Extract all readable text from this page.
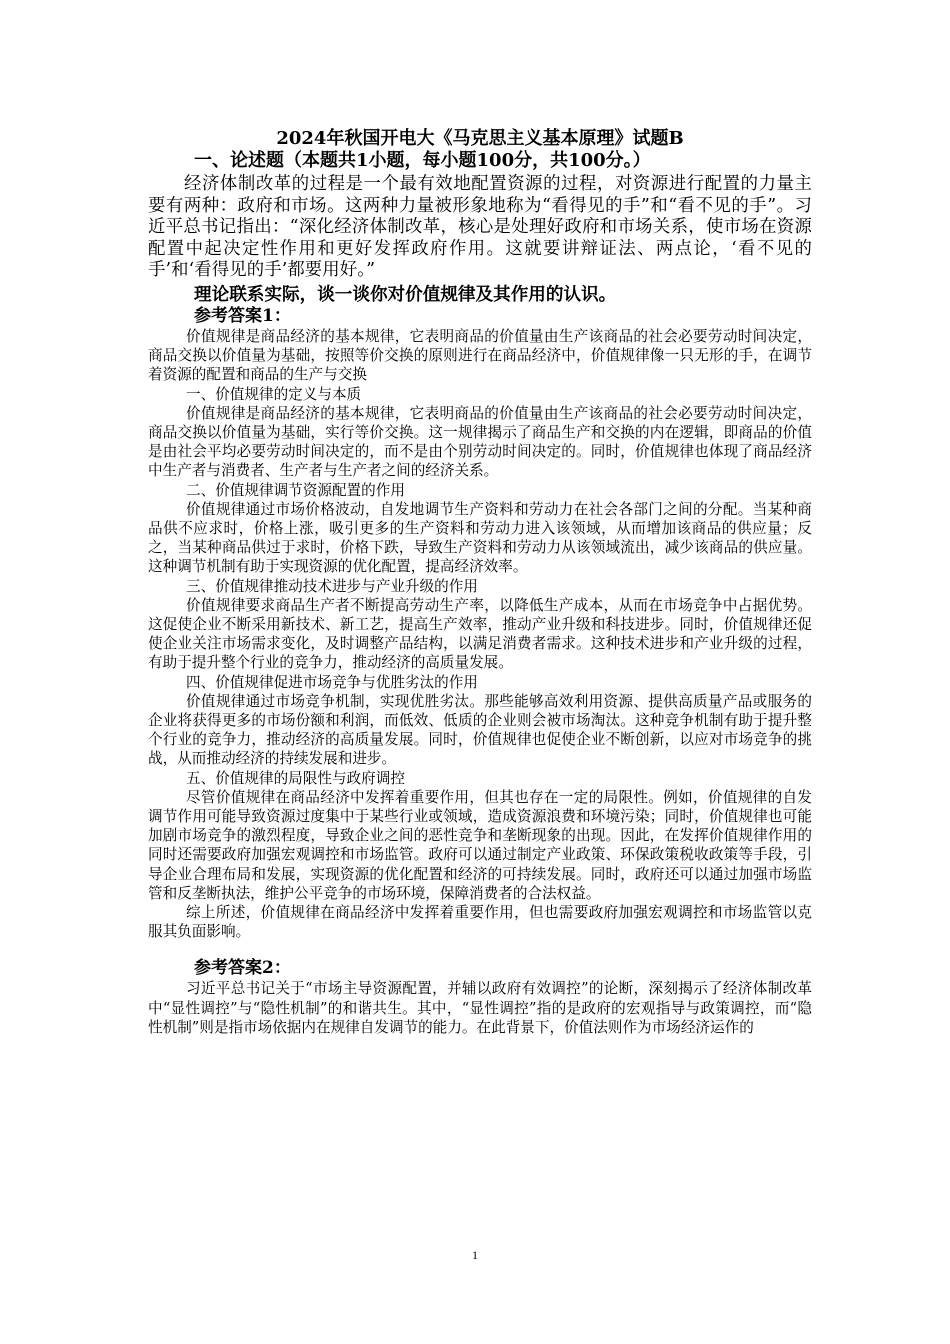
2024年秋国开电大《马克思主义基本原理》试题B

一、论述题（本题共1小题，每小题100分，共100分。）

经济体制改革的过程是一个最有效地配置资源的过程，对资源进行配置的力量主要有两种：政府和市场。这两种力量被形象地称为“看得见的手”和“看不见的手”。习近平总书记指出：“深化经济体制改革，核心是处理好政府和市场关系，使市场在资源配置中起决定性作用和更好发挥政府作用。这就要讲辩证法、两点论，‘看不见的手’和‘看得见的手’都要用好。”

理论联系实际，谈一谈你对价值规律及其作用的认识。

参考答案1：

价值规律是商品经济的基本规律，它表明商品的价值量由生产该商品的社会必要劳动时间决定，商品交换以价值量为基础，按照等价交换的原则进行在商品经济中，价值规律像一只无形的手，在调节着资源的配置和商品的生产与交换

一、价值规律的定义与本质

价值规律是商品经济的基本规律，它表明商品的价值量由生产该商品的社会必要劳动时间决定，商品交换以价值量为基础，实行等价交换。这一规律揭示了商品生产和交换的内在逻辑，即商品的价值是由社会平均必要劳动时间决定的，而不是由个别劳动时间决定的。同时，价值规律也体现了商品经济中生产者与消费者、生产者与生产者之间的经济关系。

二、价值规律调节资源配置的作用

价值规律通过市场价格波动，自发地调节生产资料和劳动力在社会各部门之间的分配。当某种商品供不应求时，价格上涨，吸引更多的生产资料和劳动力进入该领域，从而增加该商品的供应量；反之，当某种商品供过于求时，价格下跌，导致生产资料和劳动力从该领域流出，减少该商品的供应量。这种调节机制有助于实现资源的优化配置，提高经济效率。

三、价值规律推动技术进步与产业升级的作用

价值规律要求商品生产者不断提高劳动生产率，以降低生产成本，从而在市场竞争中占据优势。这促使企业不断采用新技术、新工艺，提高生产效率，推动产业升级和科技进步。同时，价值规律还促使企业关注市场需求变化，及时调整产品结构，以满足消费者需求。这种技术进步和产业升级的过程，有助于提升整个行业的竞争力，推动经济的高质量发展。

四、价值规律促进市场竞争与优胜劣汰的作用

价值规律通过市场竞争机制，实现优胜劣汰。那些能够高效利用资源、提供高质量产品或服务的企业将获得更多的市场份额和利润，而低效、低质的企业则会被市场淘汰。这种竞争机制有助于提升整个行业的竞争力，推动经济的高质量发展。同时，价值规律也促使企业不断创新，以应对市场竞争的挑战，从而推动经济的持续发展和进步。

五、价值规律的局限性与政府调控

尽管价值规律在商品经济中发挥着重要作用，但其也存在一定的局限性。例如，价值规律的自发调节作用可能导致资源过度集中于某些行业或领域，造成资源浪费和环境污染；同时，价值规律也可能加剧市场竞争的激烈程度，导致企业之间的恶性竞争和垄断现象的出现。因此，在发挥价值规律作用的同时还需要政府加强宏观调控和市场监管。政府可以通过制定产业政策、环保政策税收政策等手段，引导企业合理布局和发展，实现资源的优化配置和经济的可持续发展。同时，政府还可以通过加强市场监管和反垄断执法，维护公平竞争的市场环境，保障消费者的合法权益。

综上所述，价值规律在商品经济中发挥着重要作用，但也需要政府加强宏观调控和市场监管以克服其负面影响。

参考答案2：

习近平总书记关于“市场主导资源配置，并辅以政府有效调控”的论断，深刻揭示了经济体制改革中“显性调控”与“隐性机制”的和谐共生。其中，“显性调控”指的是政府的宏观指导与政策调控，而“隐性机制”则是指市场依据内在规律自发调节的能力。在此背景下，价值法则作为市场经济运作的

1
